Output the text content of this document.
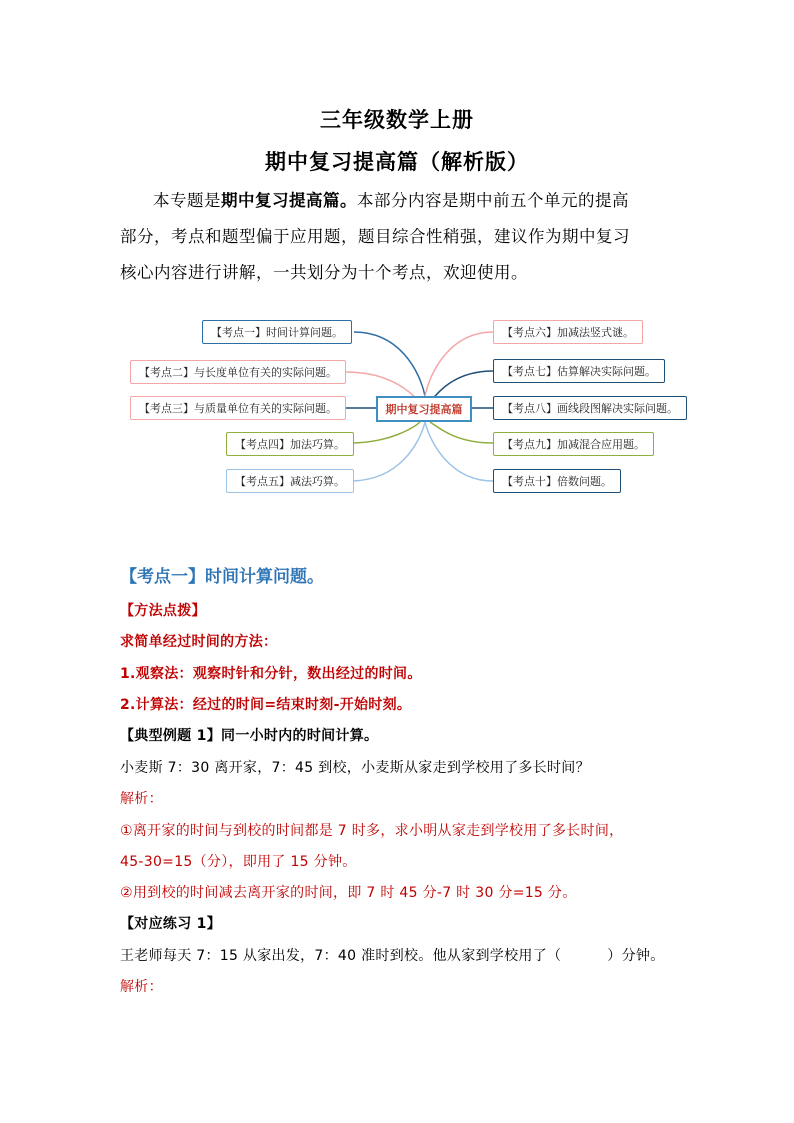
三年级数学上册
期中复习提高篇（解析版）
本专题是期中复习提高篇。本部分内容是期中前五个单元的提高
部分，考点和题型偏于应用题，题目综合性稍强，建议作为期中复习
核心内容进行讲解，一共划分为十个考点，欢迎使用。
【考点一】时间计算问题。
【考点二】与长度单位有关的实际问题。
【考点三】与质量单位有关的实际问题。
【考点四】加法巧算。
【考点五】减法巧算。
期中复习提高篇
【考点六】加减法竖式谜。
【考点七】估算解决实际问题。
【考点八】画线段图解决实际问题。
【考点九】加减混合应用题。
【考点十】倍数问题。
【考点一】时间计算问题。
【方法点拨】
求简单经过时间的方法：
1.观察法：观察时针和分针，数出经过的时间。
2.计算法：经过的时间=结束时刻-开始时刻。
【典型例题 1】同一小时内的时间计算。
小麦斯 7：30 离开家，7：45 到校，小麦斯从家走到学校用了多长时间？
解析：
①离开家的时间与到校的时间都是 7 时多，求小明从家走到学校用了多长时间，
45-30=15（分），即用了 15 分钟。
②用到校的时间减去离开家的时间，即 7 时 45 分-7 时 30 分=15 分。
【对应练习 1】
王老师每天 7：15 从家出发，7：40 准时到校。他从家到学校用了（	）分钟。
解析：
